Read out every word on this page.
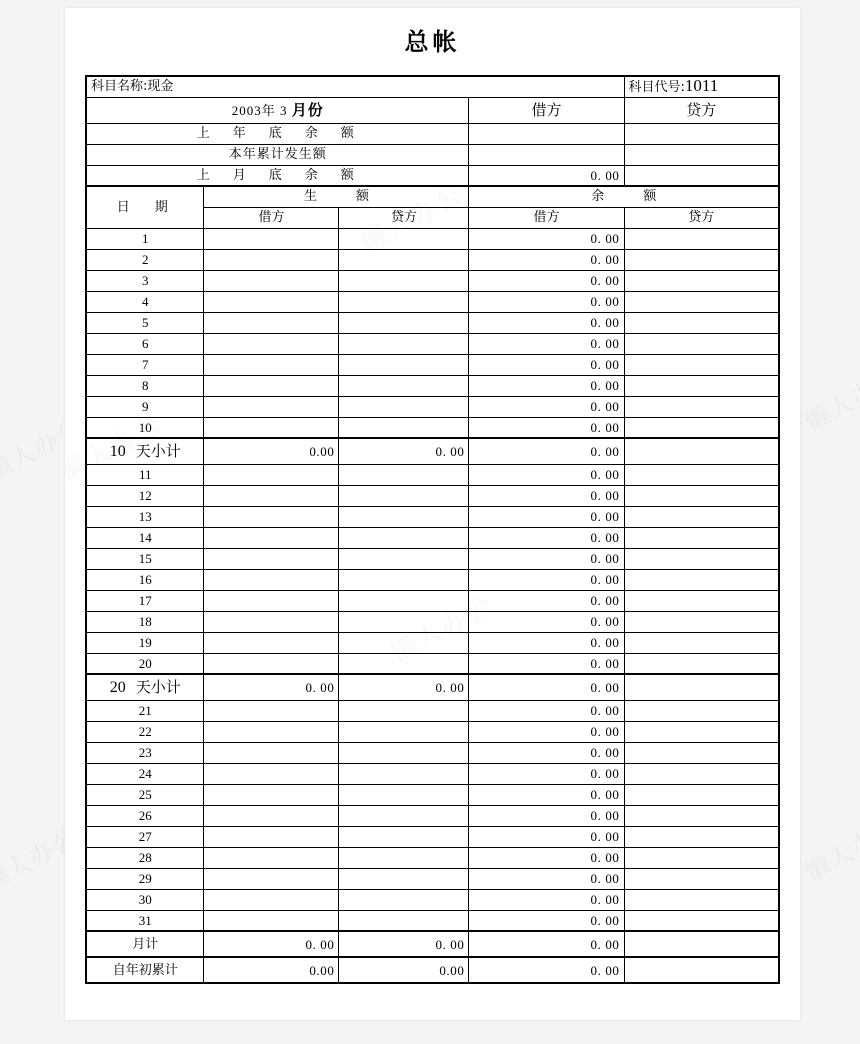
总帐
科目名称:现金				科目代号:1011
2003年 3 月份			借方	贷方
上　年　底　余　额				
本年累计发生额				
上　月　底　余　额			0. 00	
日　期	生　　　额		余　　　额	
	借方	贷方	借方	贷方
1			0. 00	
2			0. 00	
3			0. 00	
4			0. 00	
5			0. 00	
6			0. 00	
7			0. 00	
8			0. 00	
9			0. 00	
10			0. 00	

10 天小计	0.00	0. 00	0. 00	
11			0. 00	
12			0. 00	
13			0. 00	
14			0. 00	
15			0. 00	
16			0. 00	
17			0. 00	
18			0. 00	
19			0. 00	
20			0. 00	

20 天小计	0. 00	0. 00	0. 00	
21			0. 00	
22			0. 00	
23			0. 00	
24			0. 00	
25			0. 00	
26			0. 00	
27			0. 00	
28			0. 00	
29			0. 00	
30			0. 00	
31			0. 00	
月计	0. 00	0. 00	0. 00	
自年初累计	0.00	0.00	0. 00	
